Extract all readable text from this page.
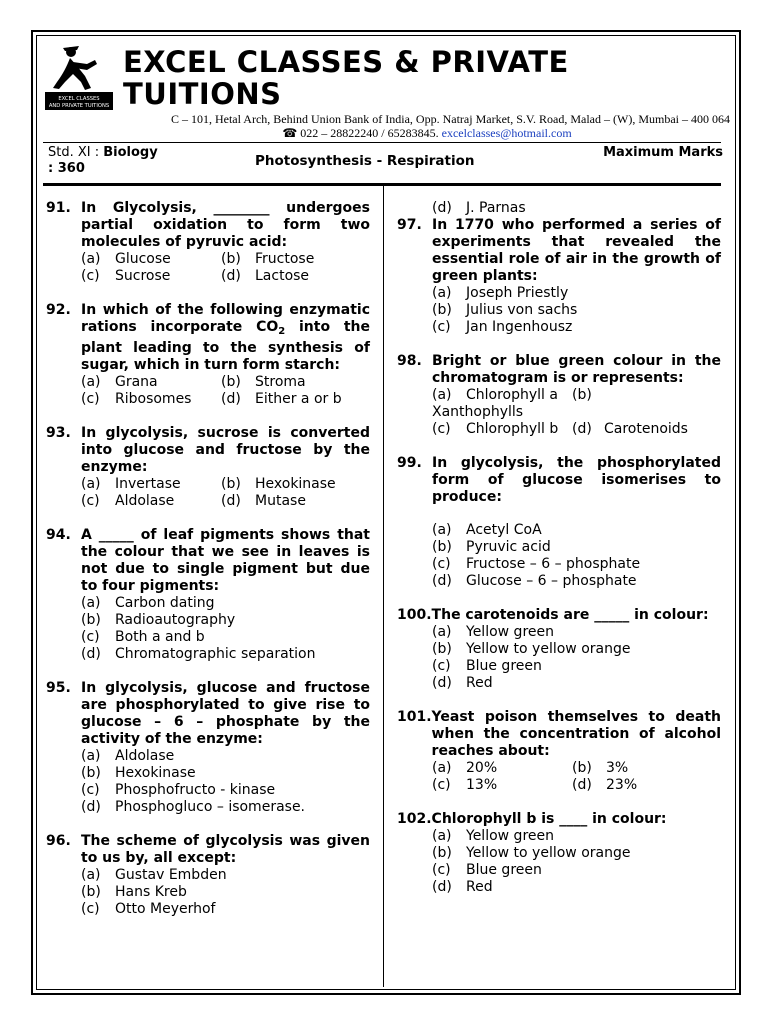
EXCEL CLASSES
AND PRIVATE TUITIONS
EXCEL CLASSES & PRIVATE
TUITIONS
C – 101, Hetal Arch, Behind Union Bank of India, Opp. Natraj Market, S.V. Road, Malad – (W), Mumbai – 400 064
☎ 022 – 28822240 / 65283845. excelclasses@hotmail.com
Std. XI : Biology
: 360	Photosynthesis - Respiration
Maximum Marks
91. In Glycolysis, ________ undergoes partial oxidation to form two molecules of pyruvic acid:
(a)	Glucose	(b)	Fructose
(c)	Sucrose	(d)	Lactose
92. In which of the following enzymatic rations incorporate $CO_2$ into the plant leading to the synthesis of sugar, which in turn form starch:
(a)	Grana	(b)	Stroma
(c)	Ribosomes (d)	Either a or b
93. In glycolysis, sucrose is converted into glucose and fructose by the enzyme:
(a)	Invertase	(b)	Hexokinase
(c)	Aldolase	(d)	Mutase
94. A _____ of leaf pigments shows that the colour that we see in leaves is not due to single pigment but due to four pigments:
(a)	Carbon dating
(b)	Radioautography
(c)	Both a and b
(d)	Chromatographic separation
95. In glycolysis, glucose and fructose are phosphorylated to give rise to glucose – 6 – phosphate by the activity of the enzyme:
(a)	Aldolase
(b)	Hexokinase
(c)	Phosphofructo - kinase
(d)	Phosphogluco – isomerase.
96. The scheme of glycolysis was given to us by, all except:
(a)	Gustav Embden
(b)	Hans Kreb
(c)	Otto Meyerhof
(d)	J. Parnas
97. In 1770 who performed a series of experiments that revealed the essential role of air in the growth of green plants:
(a)	Joseph Priestly
(b)	Julius von sachs
(c)	Jan Ingenhousz
98. Bright or blue green colour in the chromatogram is or represents:
(a)	Chlorophyll a	(b)
Xanthophylls
(c)	Chlorophyll b (d) Carotenoids
99. In glycolysis, the phosphorylated form of glucose isomerises to produce:
(a)	Acetyl CoA
(b)	Pyruvic acid
(c)	Fructose – 6 – phosphate
(d)	Glucose – 6 – phosphate
100. The carotenoids are _____ in colour:
(a)	Yellow green
(b)	Yellow to yellow orange
(c)	Blue green
(d)	Red
101. Yeast poison themselves to death when the concentration of alcohol reaches about:
(a)	20%	(b)	3%
(c)	13%	(d)	23%
102. Chlorophyll b is ____ in colour:
(a)	Yellow green
(b)	Yellow to yellow orange
(c)	Blue green
(d)	Red
